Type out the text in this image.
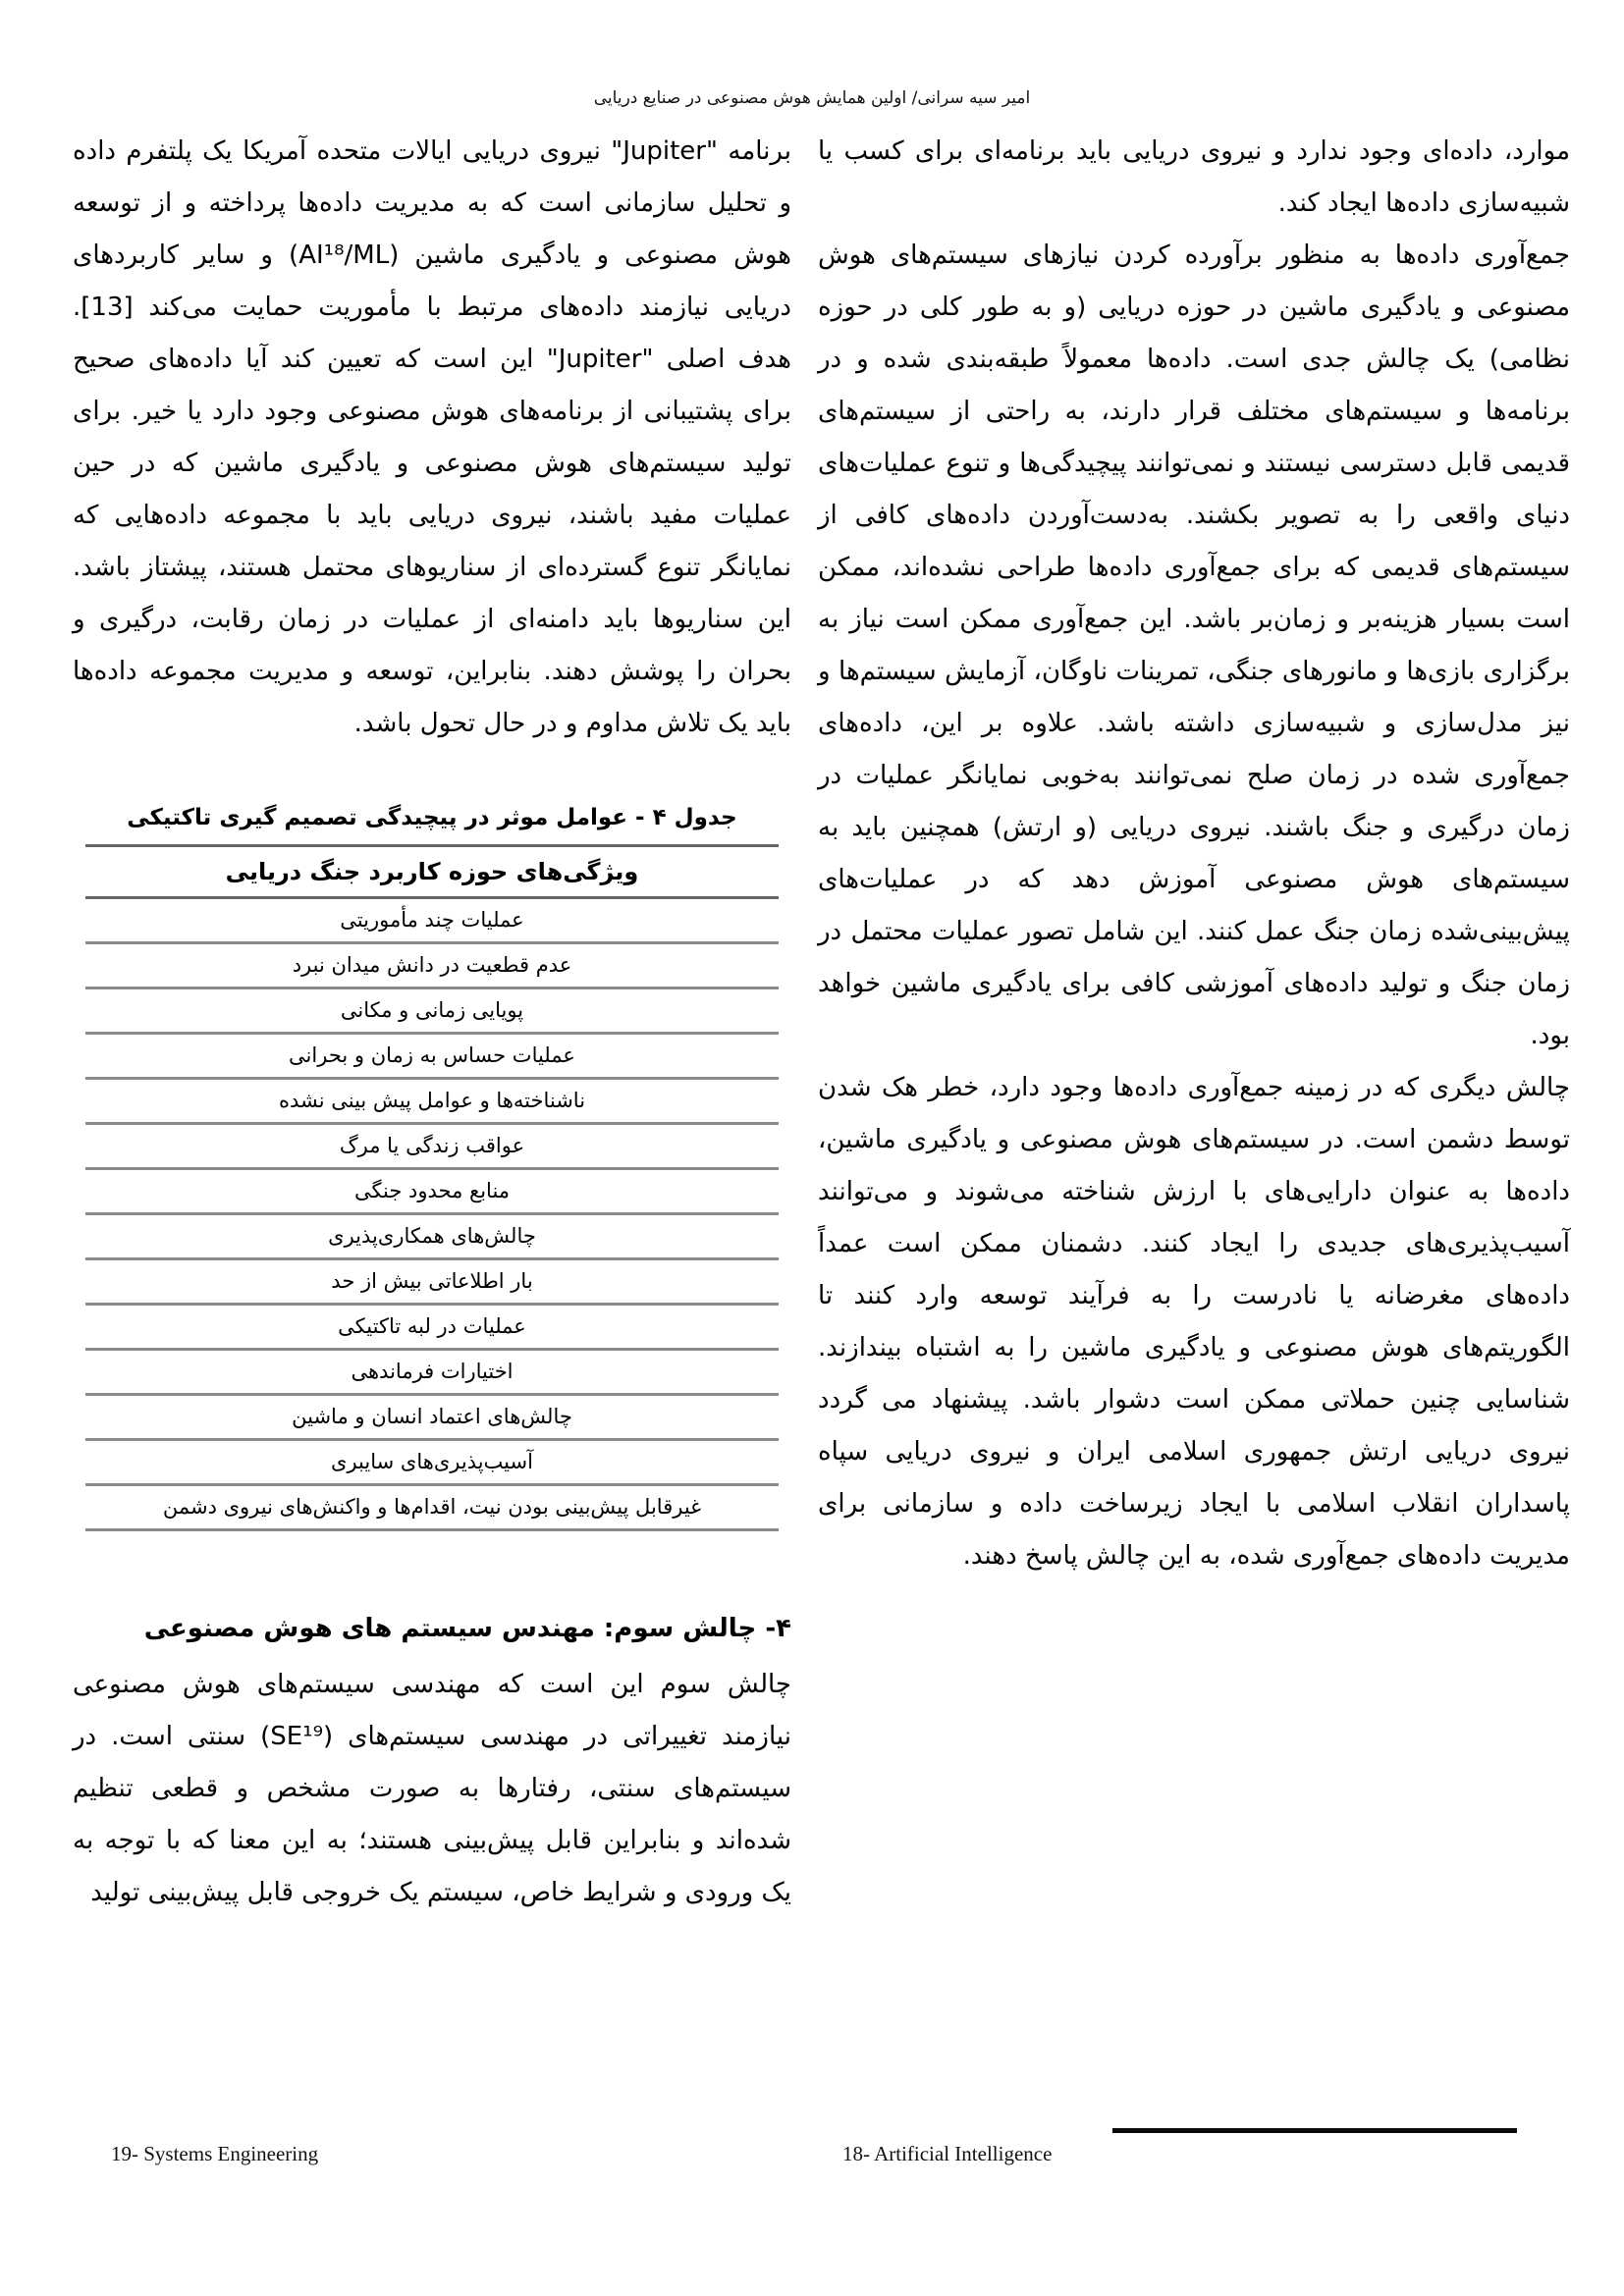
امیر سیه سرانی/ اولین همایش هوش مصنوعی در صنایع دریایی

موارد، داده‌ای وجود ندارد و نیروی دریایی باید برنامه‌ای برای کسب یا شبیه‌سازی داده‌ها ایجاد کند.

جمع‌آوری داده‌ها به منظور برآورده کردن نیازهای سیستم‌های هوش مصنوعی و یادگیری ماشین در حوزه دریایی (و به طور کلی در حوزه نظامی) یک چالش جدی است. داده‌ها معمولاً طبقه‌بندی شده و در برنامه‌ها و سیستم‌های مختلف قرار دارند، به راحتی از سیستم‌های قدیمی قابل دسترسی نیستند و نمی‌توانند پیچیدگی‌ها و تنوع عملیات‌های دنیای واقعی را به تصویر بکشند. به‌دست‌آوردن داده‌های کافی از سیستم‌های قدیمی که برای جمع‌آوری داده‌ها طراحی نشده‌اند، ممکن است بسیار هزینه‌بر و زمان‌بر باشد. این جمع‌آوری ممکن است نیاز به برگزاری بازی‌ها و مانورهای جنگی، تمرینات ناوگان، آزمایش سیستم‌ها و نیز مدل‌سازی و شبیه‌سازی داشته باشد. علاوه بر این، داده‌های جمع‌آوری شده در زمان صلح نمی‌توانند به‌خوبی نمایانگر عملیات در زمان درگیری و جنگ باشند. نیروی دریایی (و ارتش) همچنین باید به سیستم‌های هوش مصنوعی آموزش دهد که در عملیات‌های پیش‌بینی‌شده زمان جنگ عمل کنند. این شامل تصور عملیات محتمل در زمان جنگ و تولید داده‌های آموزشی کافی برای یادگیری ماشین خواهد بود.

چالش دیگری که در زمینه جمع‌آوری داده‌ها وجود دارد، خطر هک شدن توسط دشمن است. در سیستم‌های هوش مصنوعی و یادگیری ماشین، داده‌ها به عنوان دارایی‌های با ارزش شناخته می‌شوند و می‌توانند آسیب‌پذیری‌های جدیدی را ایجاد کنند. دشمنان ممکن است عمداً داده‌های مغرضانه یا نادرست را به فرآیند توسعه وارد کنند تا الگوریتم‌های هوش مصنوعی و یادگیری ماشین را به اشتباه بیندازند. شناسایی چنین حملاتی ممکن است دشوار باشد. پیشنهاد می گردد نیروی دریایی ارتش جمهوری اسلامی ایران و نیروی دریایی سپاه پاسداران انقلاب اسلامی با ایجاد زیرساخت داده و سازمانی برای مدیریت داده‌های جمع‌آوری شده، به این چالش پاسخ دهند.

برنامه "Jupiter" نیروی دریایی ایالات متحده آمریکا یک پلتفرم داده و تحلیل سازمانی است که به مدیریت داده‌ها پرداخته و از توسعه هوش مصنوعی و یادگیری ماشین (AI¹⁸/ML) و سایر کاربردهای دریایی نیازمند داده‌های مرتبط با مأموریت حمایت می‌کند [13]. هدف اصلی "Jupiter" این است که تعیین کند آیا داده‌های صحیح برای پشتیبانی از برنامه‌های هوش مصنوعی وجود دارد یا خیر. برای تولید سیستم‌های هوش مصنوعی و یادگیری ماشین که در حین عملیات مفید باشند، نیروی دریایی باید با مجموعه داده‌هایی که نمایانگر تنوع گسترده‌ای از سناریوهای محتمل هستند، پیشتاز باشد. این سناریوها باید دامنه‌ای از عملیات در زمان رقابت، درگیری و بحران را پوشش دهند. بنابراین، توسعه و مدیریت مجموعه داده‌ها باید یک تلاش مداوم و در حال تحول باشد.

جدول ۴ - عوامل موثر در پیچیدگی تصمیم گیری تاکتیکی
ویژگی‌های حوزه کاربرد جنگ دریایی
عملیات چند مأموریتی
عدم قطعیت در دانش میدان نبرد
پویایی زمانی و مکانی
عملیات حساس به زمان و بحرانی
ناشناخته‌ها و عوامل پیش بینی نشده
عواقب زندگی یا مرگ
منابع محدود جنگی
چالش‌های همکاری‌پذیری
بار اطلاعاتی بیش از حد
عملیات در لبه تاکتیکی
اختیارات فرماندهی
چالش‌های اعتماد انسان و ماشین
آسیب‌پذیری‌های سایبری
غیرقابل پیش‌بینی بودن نیت، اقدام‌ها و واکنش‌های نیروی دشمن
۴- چالش سوم: مهندس سیستم های هوش مصنوعی

چالش سوم این است که مهندسی سیستم‌های هوش مصنوعی نیازمند تغییراتی در مهندسی سیستم‌های (SE¹⁹) سنتی است. در سیستم‌های سنتی، رفتارها به صورت مشخص و قطعی تنظیم شده‌اند و بنابراین قابل پیش‌بینی هستند؛ به این معنا که با توجه به یک ورودی و شرایط خاص، سیستم یک خروجی قابل پیش‌بینی تولید

19- Systems Engineering	18- Artificial Intelligence
